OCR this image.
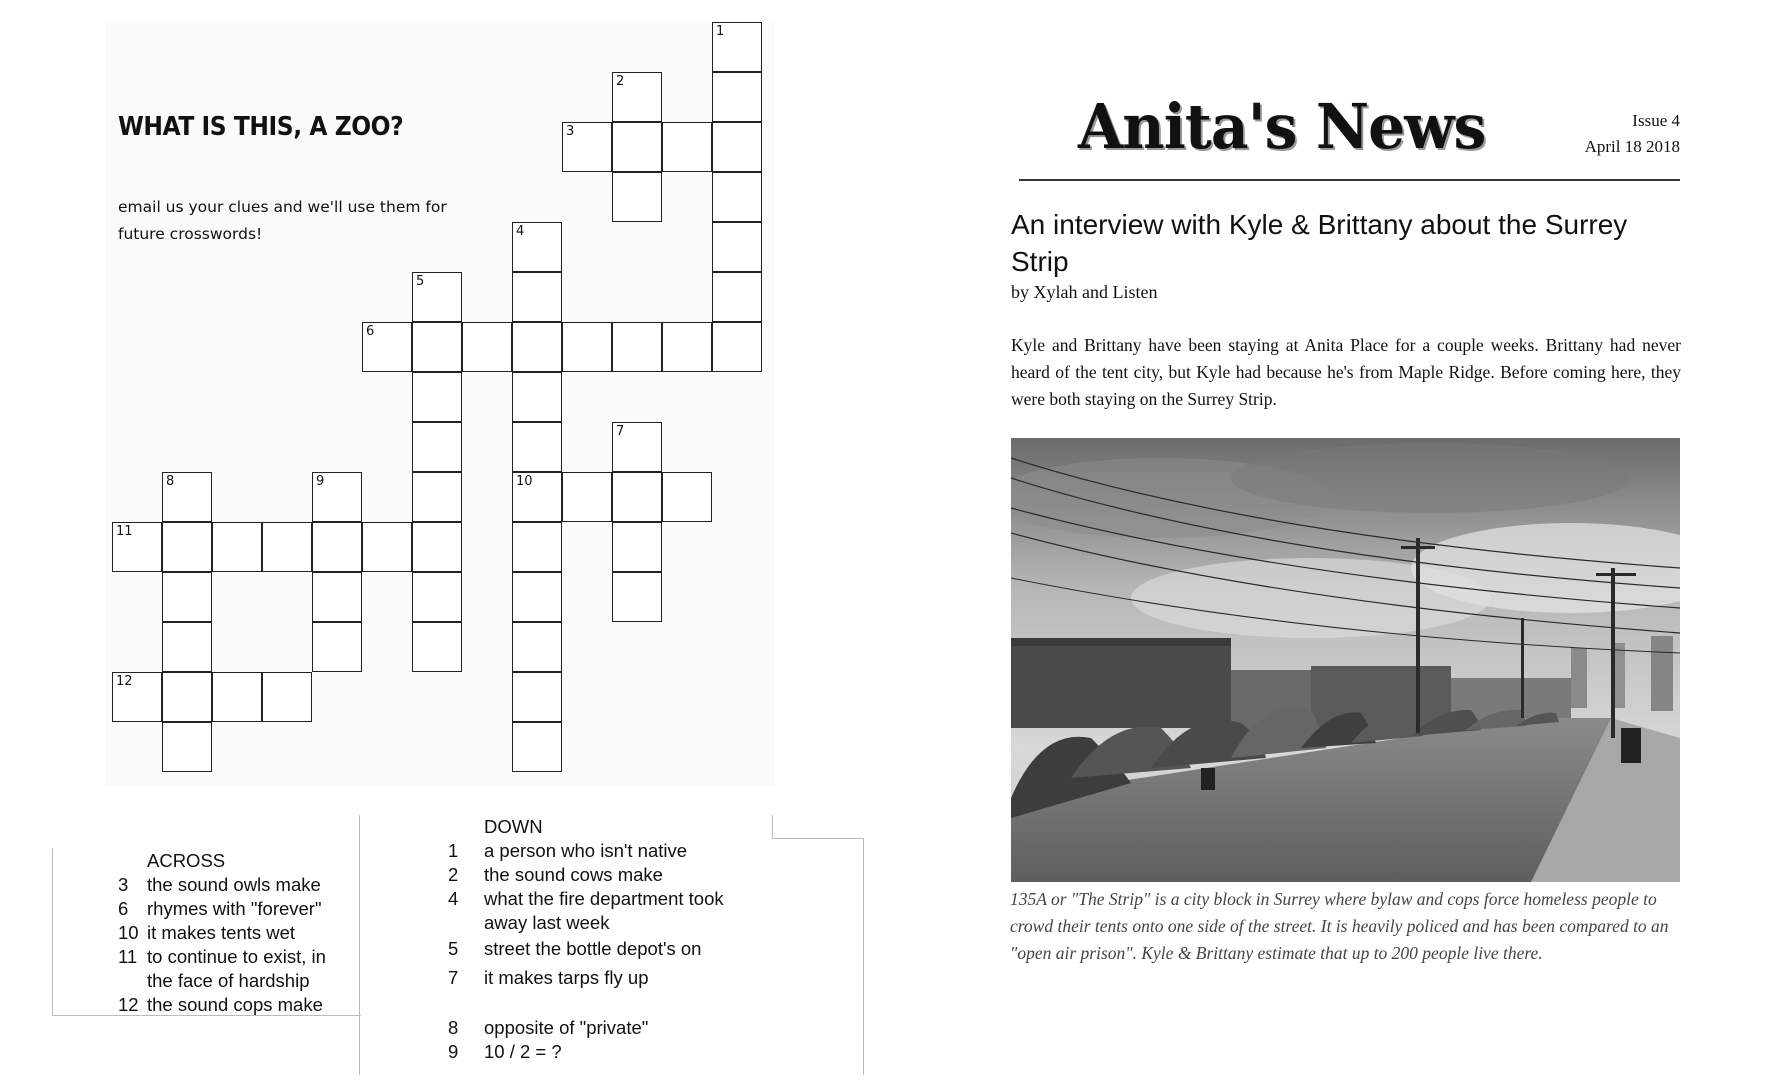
1
2
3
4
10
5
6
7
8	9
11
12
WHAT IS THIS, A ZOO?
email us your clues and we'll use them for future crosswords!
ACROSS
3	the sound owls make
6	rhymes with "forever"
10 it makes tents wet
11 to continue to exist, in
the face of hardship
12 the sound cops make
DOWN
1	a person who isn't native
2	the sound cows make
4	what the fire department took
away last week
5	street the bottle depot's on
7	it makes tarps fly up
8	opposite of "private"
9	10 / 2 = ?
Anita's News	Issue 4
April 18 2018
An interview with Kyle & Brittany about the Surrey Strip
by Xylah and Listen

Kyle and Brittany have been staying at Anita Place for a couple weeks. Brittany had never heard of the tent city, but Kyle had because he's from Maple Ridge. Before coming here, they were both staying on the Surrey Strip.

135A or "The Strip" is a city block in Surrey where bylaw and cops force homeless people to crowd their tents onto one side of the street. It is heavily policed and has been compared to an "open air prison". Kyle & Brittany estimate that up to 200 people live there.
